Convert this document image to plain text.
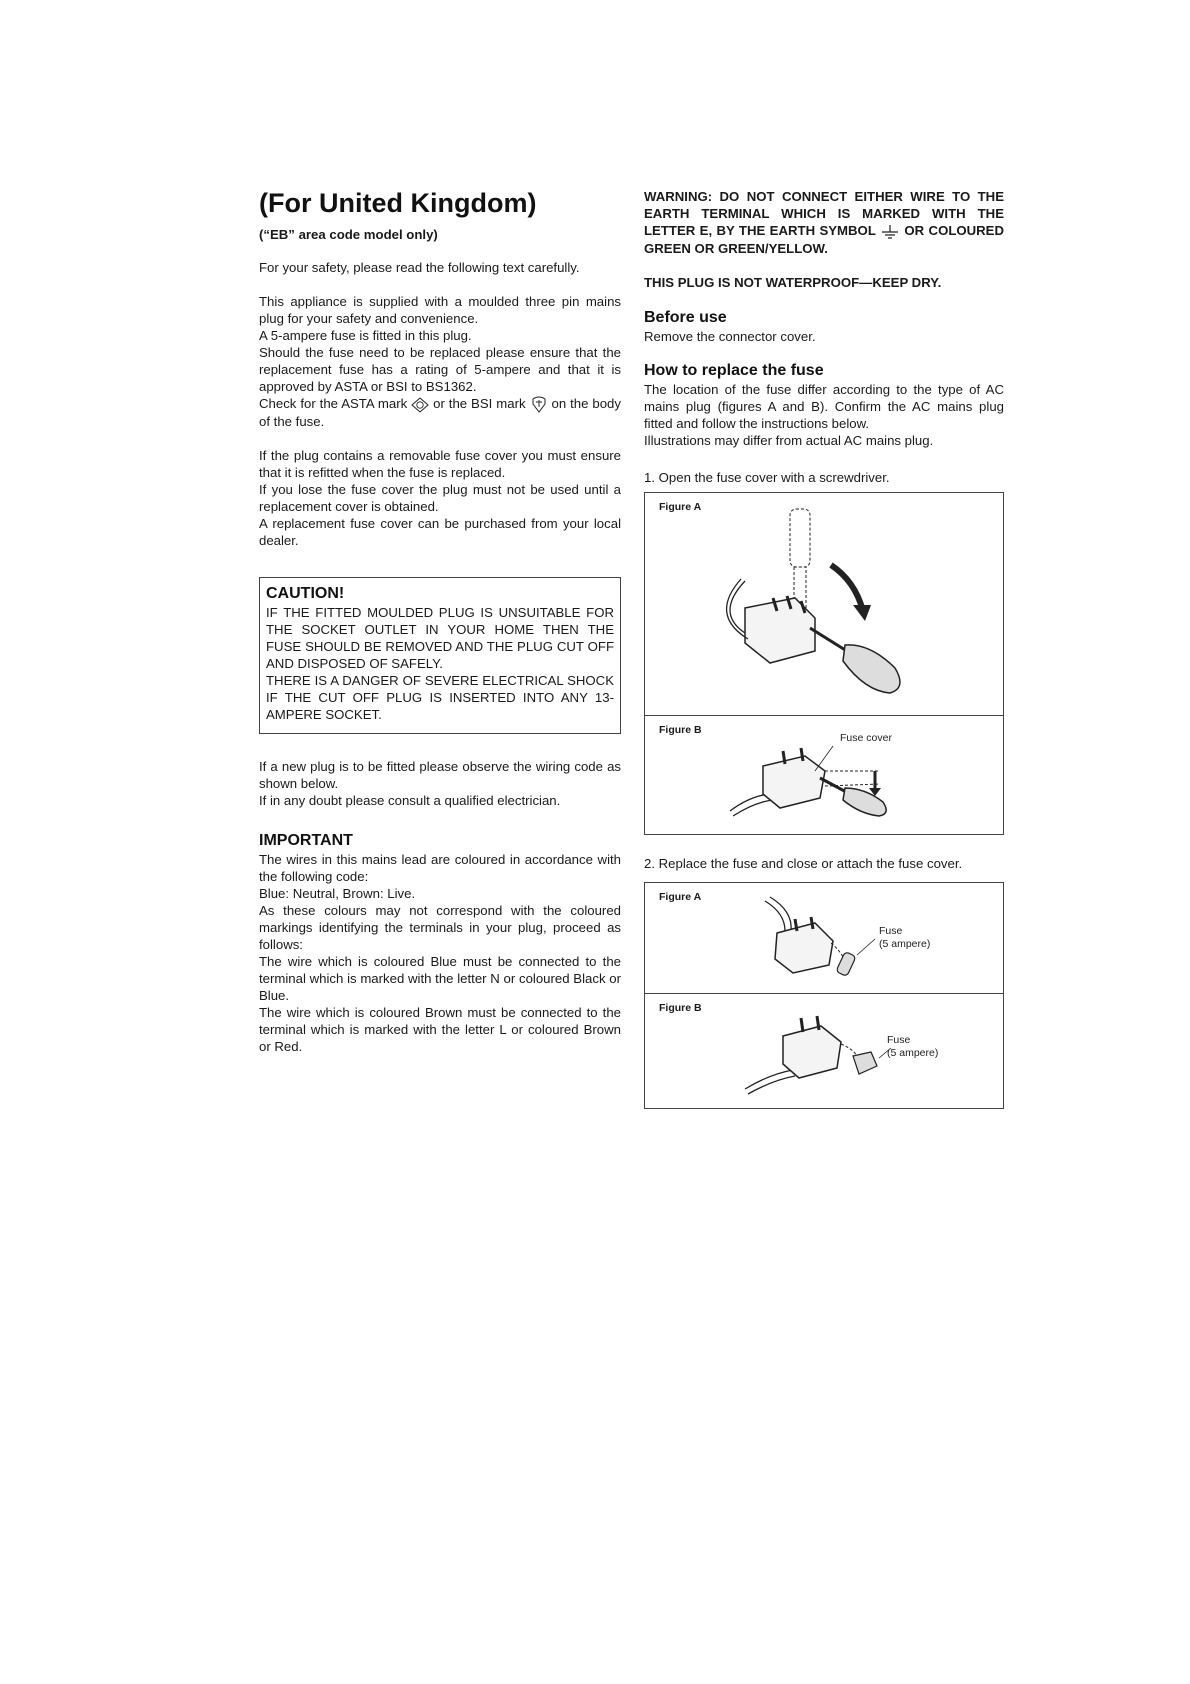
(For United Kingdom)

(“EB” area code model only)

For your safety, please read the following text carefully.

This appliance is supplied with a moulded three pin mains plug for your safety and convenience.

A 5-ampere fuse is fitted in this plug.

Should the fuse need to be replaced please ensure that the replacement fuse has a rating of 5-ampere and that it is approved by ASTA or BSI to BS1362.

Check for the ASTA mark or the BSI mark on the body of the fuse.

If the plug contains a removable fuse cover you must ensure that it is refitted when the fuse is replaced.

If you lose the fuse cover the plug must not be used until a replacement cover is obtained.

A replacement fuse cover can be purchased from your local dealer.

CAUTION!

IF THE FITTED MOULDED PLUG IS UNSUITABLE FOR THE SOCKET OUTLET IN YOUR HOME THEN THE FUSE SHOULD BE REMOVED AND THE PLUG CUT OFF AND DISPOSED OF SAFELY.

THERE IS A DANGER OF SEVERE ELECTRICAL SHOCK IF THE CUT OFF PLUG IS INSERTED INTO ANY 13-AMPERE SOCKET.

If a new plug is to be fitted please observe the wiring code as shown below.

If in any doubt please consult a qualified electrician.

IMPORTANT

The wires in this mains lead are coloured in accordance with the following code:

Blue: Neutral, Brown: Live.

As these colours may not correspond with the coloured markings identifying the terminals in your plug, proceed as follows:

The wire which is coloured Blue must be connected to the terminal which is marked with the letter N or coloured Black or Blue.

The wire which is coloured Brown must be connected to the terminal which is marked with the letter L or coloured Brown or Red.

WARNING: DO NOT CONNECT EITHER WIRE TO THE EARTH TERMINAL WHICH IS MARKED WITH THE LETTER E, BY THE EARTH SYMBOL OR COLOURED GREEN OR GREEN/YELLOW.

THIS PLUG IS NOT WATERPROOF—KEEP DRY.

Before use

Remove the connector cover.

How to replace the fuse

The location of the fuse differ according to the type of AC mains plug (figures A and B). Confirm the AC mains plug fitted and follow the instructions below.

Illustrations may differ from actual AC mains plug.

1. Open the fuse cover with a screwdriver.

Figure A
Figure B
Fuse cover

2. Replace the fuse and close or attach the fuse cover.

Figure A
Fuse
(5 ampere)
Figure B
Fuse
(5 ampere)
